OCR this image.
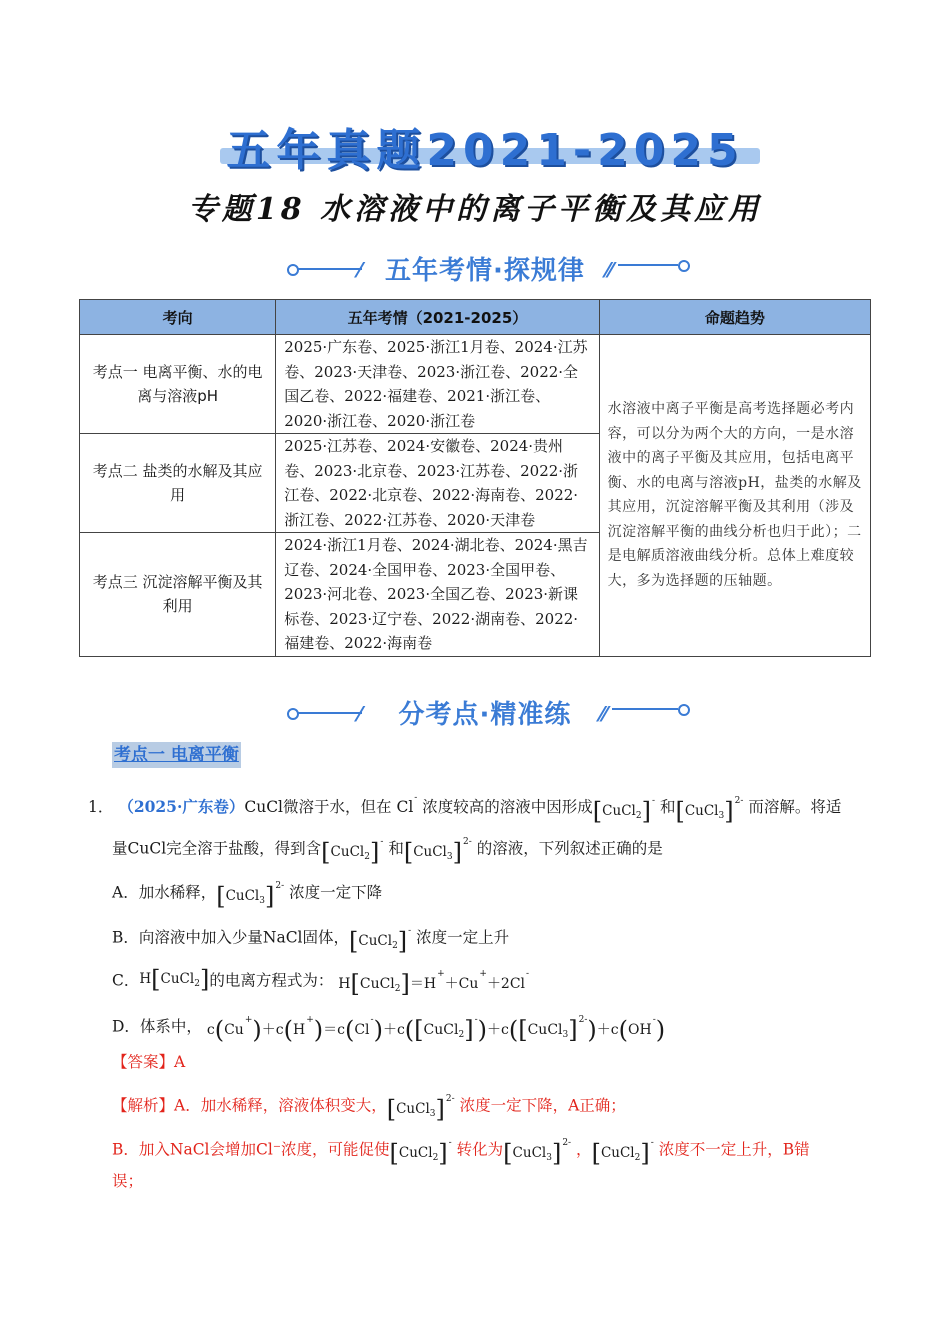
五年真题2021-2025
专题18 水溶液中的离子平衡及其应用
⁄ 五年考情·探规律	⁄⁄
考向	五年考情（2021-2025）	命题趋势
考点一 电离平衡、水的电离与溶液pH	2025·广东卷、2025·浙江1月卷、2024·江苏卷、2023·天津卷、2023·浙江卷、2022·全国乙卷、2022·福建卷、2021·浙江卷、2020·浙江卷、2020·浙江卷	水溶液中离子平衡是高考选择题必考内容，可以分为两个大的方向，一是水溶液中的离子平衡及其应用，包括电离平衡、水的电离与溶液pH，盐类的水解及其应用，沉淀溶解平衡及其利用（涉及沉淀溶解平衡的曲线分析也归于此）；二是电解质溶液曲线分析。总体上难度较大，多为选择题的压轴题。
考点二 盐类的水解及其应用	2025·江苏卷、2024·安徽卷、2024·贵州卷、2023·北京卷、2023·江苏卷、2022·浙江卷、2022·北京卷、2022·海南卷、2022·浙江卷、2022·江苏卷、2020·天津卷	
考点三 沉淀溶解平衡及其利用	2024·浙江1月卷、2024·湖北卷、2024·黑吉辽卷、2024·全国甲卷、2023·全国甲卷、2023·河北卷、2023·全国乙卷、2023·新课标卷、2023·辽宁卷、2022·湖南卷、2022·福建卷、2022·海南卷	
⁄	分考点·精准练	⁄⁄
考点一 电离平衡
1． （2025·广东卷）CuCl微溶于水，但在 Cl- 浓度较高的溶液中因形成[CuCl$_2$]- 和[CuCl$_3$]$^{2-}$ 而溶解。将适
量CuCl完全溶于盐酸，得到含[CuCl$_2$]- 和[CuCl$_3$]$^{2-}$ 的溶液，下列叙述正确的是
A．加水稀释，[CuCl$_3$]$^{2-}$ 浓度一定下降
B．向溶液中加入少量NaCl固体，[CuCl$_2$]- 浓度一定上升
C．H[CuCl$_2$]的电离方程式为： H[CuCl$_2$]＝H+＋Cu+＋2Cl-
D．体系中， c(Cu+)＋c(H+)＝c(Cl-)＋c([CuCl$_2$]-)＋c([CuCl$_3$]$^{2-}$)＋c(OH-)
【答案】A
【解析】A．加水稀释，溶液体积变大，[CuCl$_3$]$^{2-}$ 浓度一定下降，A正确；
B．加入NaCl会增加Cl⁻浓度，可能促使[CuCl$_2$]- 转化为[CuCl$_3$]$^{2-}$ ，[CuCl$_2$]- 浓度不一定上升，B错
误；
